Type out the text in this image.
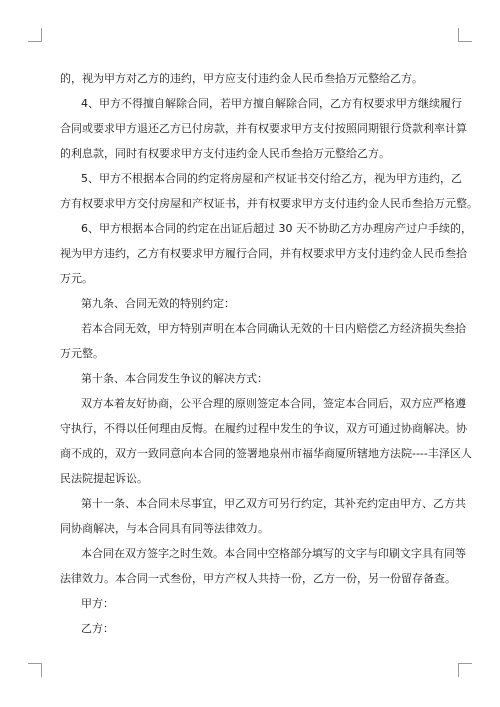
的，视为甲方对乙方的违约，甲方应支付违约金人民币叁拾万元整给乙方。
4、甲方不得擅自解除合同，若甲方擅自解除合同，乙方有权要求甲方继续履行
合同或要求甲方退还乙方已付房款，并有权要求甲方支付按照同期银行贷款利率计算
的利息款，同时有权要求甲方支付违约金人民币叁拾万元整给乙方。
5、甲方不根据本合同的约定将房屋和产权证书交付给乙方，视为甲方违约，乙
方有权要求甲方交付房屋和产权证书，并有权要求甲方支付违约金人民币叁拾万元整。
6、甲方根据本合同的约定在出证后超过 30 天不协助乙方办理房产过户手续的，
视为甲方违约，乙方有权要求甲方履行合同，并有权要求甲方支付违约金人民币叁拾
万元。
第九条、合同无效的特别约定：
若本合同无效，甲方特别声明在本合同确认无效的十日内赔偿乙方经济损失叁拾
万元整。
第十条、本合同发生争议的解决方式：
双方本着友好协商，公平合理的原则签定本合同，签定本合同后，双方应严格遵
守执行，不得以任何理由反悔。在履约过程中发生的争议，双方可通过协商解决。协
商不成的，双方一致同意向本合同的签署地泉州市福华商厦所辖地方法院----丰泽区人
民法院提起诉讼。
第十一条、本合同未尽事宜，甲乙双方可另行约定，其补充约定由甲方、乙方共
同协商解决，与本合同具有同等法律效力。
本合同在双方签字之时生效。本合同中空格部分填写的文字与印刷文字具有同等
法律效力。本合同一式叁份，甲方产权人共持一份，乙方一份，另一份留存备查。
甲方：
乙方：
